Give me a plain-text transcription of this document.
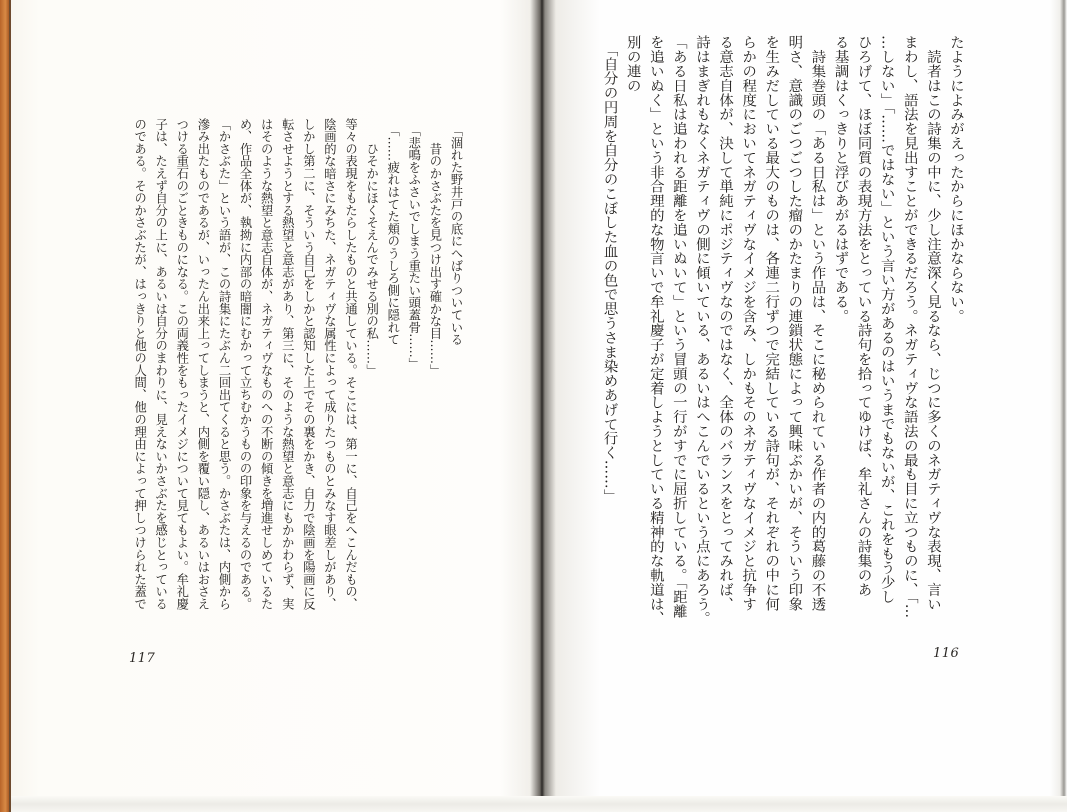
　「涸れた野井戸の底にへばりついている
　　昔のかさぶたを見つけ出す確かな目……」
　「悲鳴をふさいでしまう重たい頭蓋骨……」
　「……疲れはてた頬のうしろ側に隠れて
　　ひそかにほくそえんでみせる別の私……」
等々の表現をもたらしたものと共通している。そこには、第一に、自己をへこんだもの、
陰画的な暗さにみちた、ネガティヴな属性によって成りたつものとみなす眼差しがあり、
しかし第二に、そういう自己をしかと認知した上でその裏をかき、自力で陰画を陽画に反
転させようとする熱望と意志があり、第三に、そのような熱望と意志にもかかわらず、実
はそのような熱望と意志自体が、ネガティヴなものへの不断の傾きを増進せしめているた
め、作品全体が、執拗に内部の暗闇にむかって立ちむかうものの印象を与えるのである。
「かさぶた」という語が、この詩集にたぶん二回出てくると思う。かさぶたは、内側から
滲み出たものであるが、いったん出来上ってしまうと、内側を覆い隠し、あるいはおさえ
つける重石のごときものになる。この両義性をもったイメジについて見てもよい。牟礼慶
子は、たえず自分の上に、あるいは自分のまわりに、見えないかさぶたを感じとっている
のである。そのかさぶたが、はっきりと他の人間、他の理由によって押しつけられた蓋で
117
たようによみがえったからにほかならない。
　読者はこの詩集の中に、少し注意深く見るなら、じつに多くのネガティヴな表現、言い
まわし、語法を見出すことができるだろう。ネガティヴな語法の最も目に立つものに、「…
…しない」「……ではない」という言い方があるのはいうまでもないが、これをもう少し
ひろげて、ほぼ同質の表現方法をとっている詩句を拾ってゆけば、牟礼さんの詩集のあ
る基調はくっきりと浮びあがるはずである。
　詩集巻頭の「ある日私は」という作品は、そこに秘められている作者の内的葛藤の不透
明さ、意識のごつごつした瘤のかたまりの連鎖状態によって興味ぶかいが、そういう印象
を生みだしている最大のものは、各連二行ずつで完結している詩句が、それぞれの中に何
らかの程度においてネガティヴなイメジを含み、しかもそのネガティヴなイメジと抗争す
る意志自体が、決して単純にポジティヴなのではなく、全体のバランスをとってみれば、
詩はまぎれもなくネガティヴの側に傾いている、あるいはへこんでいるという点にあろう。
「ある日私は追われる距離を追いぬいて」という冒頭の一行がすでに屈折している。「距離
を追いぬく」という非合理的な物言いで牟礼慶子が定着しようとしている精神的な軌道は、
別の連の
　「自分の円周を自分のこぼした血の色で思うさま染めあげて行く……」
116
